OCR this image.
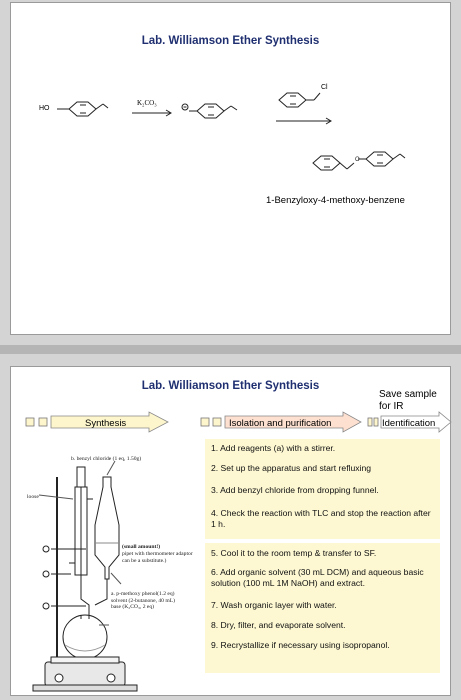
Lab. Williamson Ether Synthesis
O
HO
Cl
K₂CO₃
1-Benzyloxy-4-methoxy-benzene
Lab. Williamson Ether Synthesis
Save sample for IR
Synthesis	Isolation and purification	Identification
1. Add reagents (a) with a stirrer.
2. Set up the apparatus and start refluxing
3. Add benzyl chloride from dropping funnel.
4. Check the reaction with TLC and stop the reaction after 1 h.
5. Cool it to the room temp & transfer to SF.
6. Add organic solvent (30 mL DCM) and aqueous basic solution (100 mL 1M NaOH) and extract.
7. Wash organic layer with water.
8. Dry, filter, and evaporate solvent.
9. Recrystallize if necessary using isopropanol.
b. benzyl chloride (1 eq, 1.50g)
loose
(small amount!)
pipet with thermometer adaptor can be a substitute.)
a. p-methoxy phenol(1.2 eq)
solvent (2-butanone, 40 mL)
base (K₂CO₃, 2 eq)
